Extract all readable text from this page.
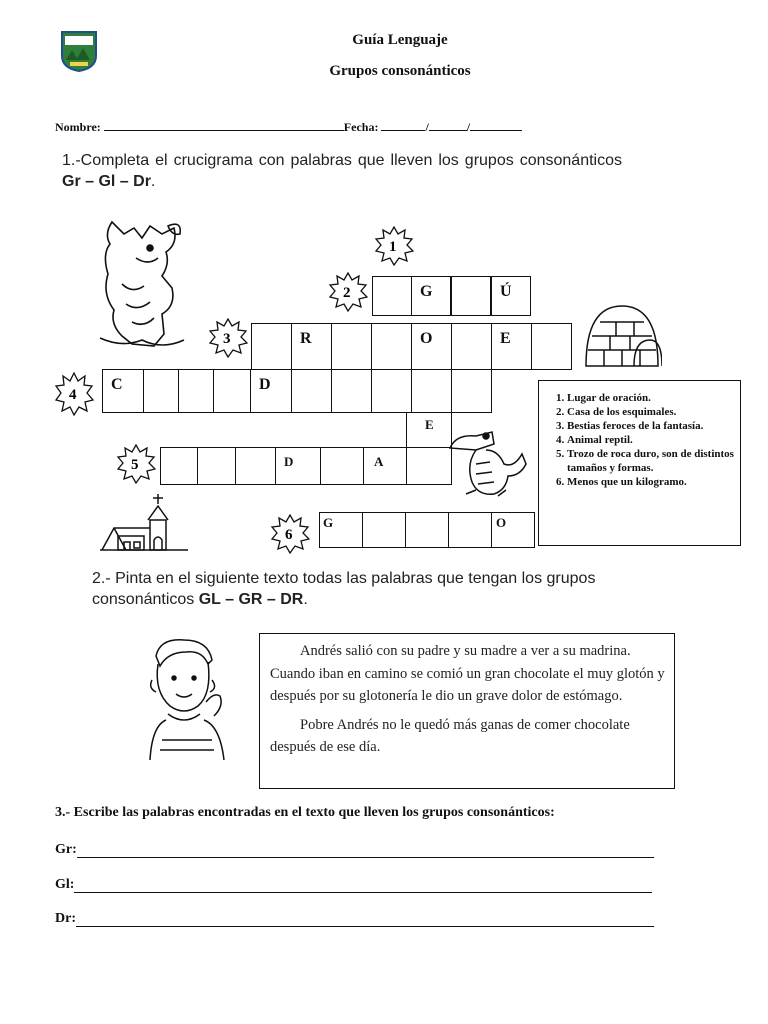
Guía Lenguaje
Grupos consonánticos
Nombre:	Fecha:	/	/
1.-Completa el crucigrama con palabras que lleven los grupos consonánticos Gr – Gl – Dr.
1
2
3
4
5
6
G	Ú
R	O	E
C	D
E
D	A
G	O
1. Lugar de oración.
2. Casa de los esquimales.
3. Bestias feroces de la fantasía.
4. Animal reptil.
5. Trozo de roca duro, son de distintos tamaños y formas.
6. Menos que un kilogramo.
2.- Pinta en el siguiente texto todas las palabras que tengan los grupos consonánticos GL – GR – DR.

Andrés salió con su padre y su madre a ver a su madrina. Cuando iban en camino se comió un gran chocolate el muy glotón y después por su glotonería le dio un grave dolor de estómago.

Pobre Andrés no le quedó más ganas de comer chocolate después de ese día.

3.- Escribe las palabras encontradas en el texto que lleven los grupos consonánticos:
Gr:
Gl:
Dr:
